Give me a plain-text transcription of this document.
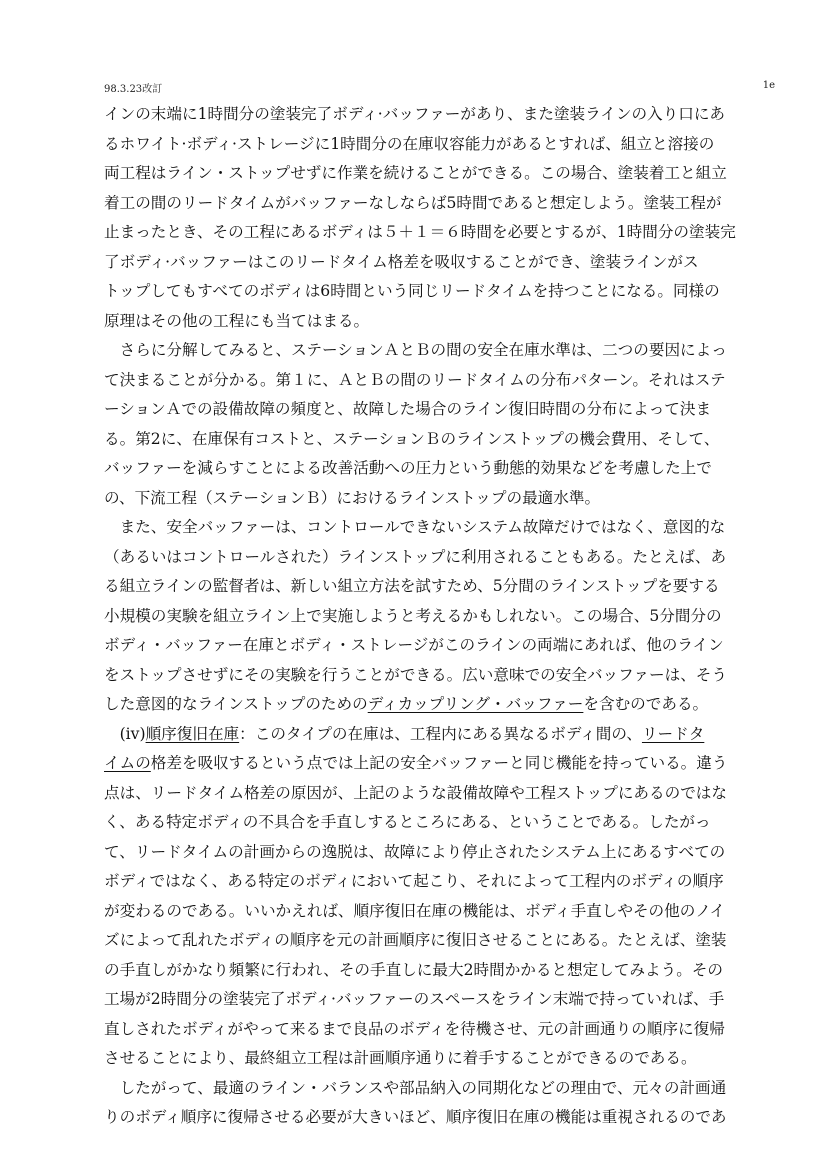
98.3.23改訂	1e
インの末端に1時間分の塗装完了ボディ·バッファーがあり、また塗装ラインの入り口にあ
るホワイト·ボディ·ストレージに1時間分の在庫収容能力があるとすれば、組立と溶接の
両工程はライン・ストップせずに作業を続けることができる。この場合、塗装着工と組立
着工の間のリードタイムがバッファーなしならば5時間であると想定しよう。塗装工程が
止まったとき、その工程にあるボディは５＋１＝６時間を必要とするが、1時間分の塗装完
了ボディ·バッファーはこのリードタイム格差を吸収することができ、塗装ラインがス
トップしてもすべてのボディは6時間という同じリードタイムを持つことになる。同様の
原理はその他の工程にも当てはまる。
　さらに分解してみると、ステーションＡとＢの間の安全在庫水準は、二つの要因によっ
て決まることが分かる。第１に、ＡとＢの間のリードタイムの分布パターン。それはステ
ーションＡでの設備故障の頻度と、故障した場合のライン復旧時間の分布によって決ま
る。第2に、在庫保有コストと、ステーションＢのラインストップの機会費用、そして、
バッファーを減らすことによる改善活動への圧力という動態的効果などを考慮した上で
の、下流工程（ステーションＢ）におけるラインストップの最適水準。
　また、安全バッファーは、コントロールできないシステム故障だけではなく、意図的な
（あるいはコントロールされた）ラインストップに利用されることもある。たとえば、あ
る組立ラインの監督者は、新しい組立方法を試すため、5分間のラインストップを要する
小規模の実験を組立ライン上で実施しようと考えるかもしれない。この場合、5分間分の
ボディ・バッファー在庫とボディ・ストレージがこのラインの両端にあれば、他のライン
をストップさせずにその実験を行うことができる。広い意味での安全バッファーは、そう
した意図的なラインストップのためのディカップリング・バッファーを含むのである。
　(iv)順序復旧在庫：このタイプの在庫は、工程内にある異なるボディ間の、リードタ
イムの格差を吸収するという点では上記の安全バッファーと同じ機能を持っている。違う
点は、リードタイム格差の原因が、上記のような設備故障や工程ストップにあるのではな
く、ある特定ボディの不具合を手直しするところにある、ということである。したがっ
て、リードタイムの計画からの逸脱は、故障により停止されたシステム上にあるすべての
ボディではなく、ある特定のボディにおいて起こり、それによって工程内のボディの順序
が変わるのである。いいかえれば、順序復旧在庫の機能は、ボディ手直しやその他のノイ
ズによって乱れたボディの順序を元の計画順序に復旧させることにある。たとえば、塗装
の手直しがかなり頻繁に行われ、その手直しに最大2時間かかると想定してみよう。その
工場が2時間分の塗装完了ボディ·バッファーのスペースをライン末端で持っていれば、手
直しされたボディがやって来るまで良品のボディを待機させ、元の計画通りの順序に復帰
させることにより、最終組立工程は計画順序通りに着手することができるのである。
　したがって、最適のライン・バランスや部品納入の同期化などの理由で、元々の計画通
りのボディ順序に復帰させる必要が大きいほど、順序復旧在庫の機能は重視されるのであ
